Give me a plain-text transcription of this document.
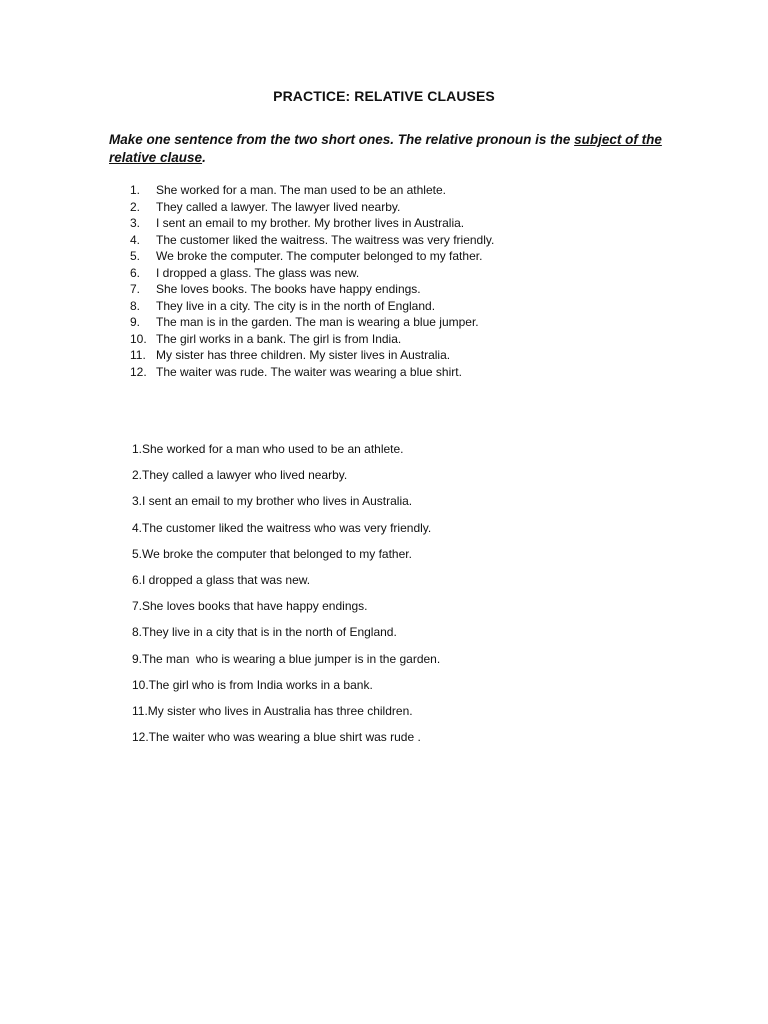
PRACTICE: RELATIVE CLAUSES
Make one sentence from the two short ones. The relative pronoun is the subject of the relative clause.
1.	She worked for a man. The man used to be an athlete.
2.	They called a lawyer. The lawyer lived nearby.
3.	I sent an email to my brother. My brother lives in Australia.
4.	The customer liked the waitress. The waitress was very friendly.
5.	We broke the computer. The computer belonged to my father.
6.	I dropped a glass. The glass was new.
7.	She loves books. The books have happy endings.
8.	They live in a city. The city is in the north of England.
9.	The man is in the garden. The man is wearing a blue jumper.
10. The girl works in a bank. The girl is from India.
11. My sister has three children. My sister lives in Australia.
12. The waiter was rude. The waiter was wearing a blue shirt.
1.She worked for a man who used to be an athlete.
2.They called a lawyer who lived nearby.
3.I sent an email to my brother who lives in Australia.
4.The customer liked the waitress who was very friendly.
5.We broke the computer that belonged to my father.
6.I dropped a glass that was new.
7.She loves books that have happy endings.
8.They live in a city that is in the north of England.
9.The man  who is wearing a blue jumper is in the garden.
10.The girl who is from India works in a bank.
11.My sister who lives in Australia has three children.
12.The waiter who was wearing a blue shirt was rude .
